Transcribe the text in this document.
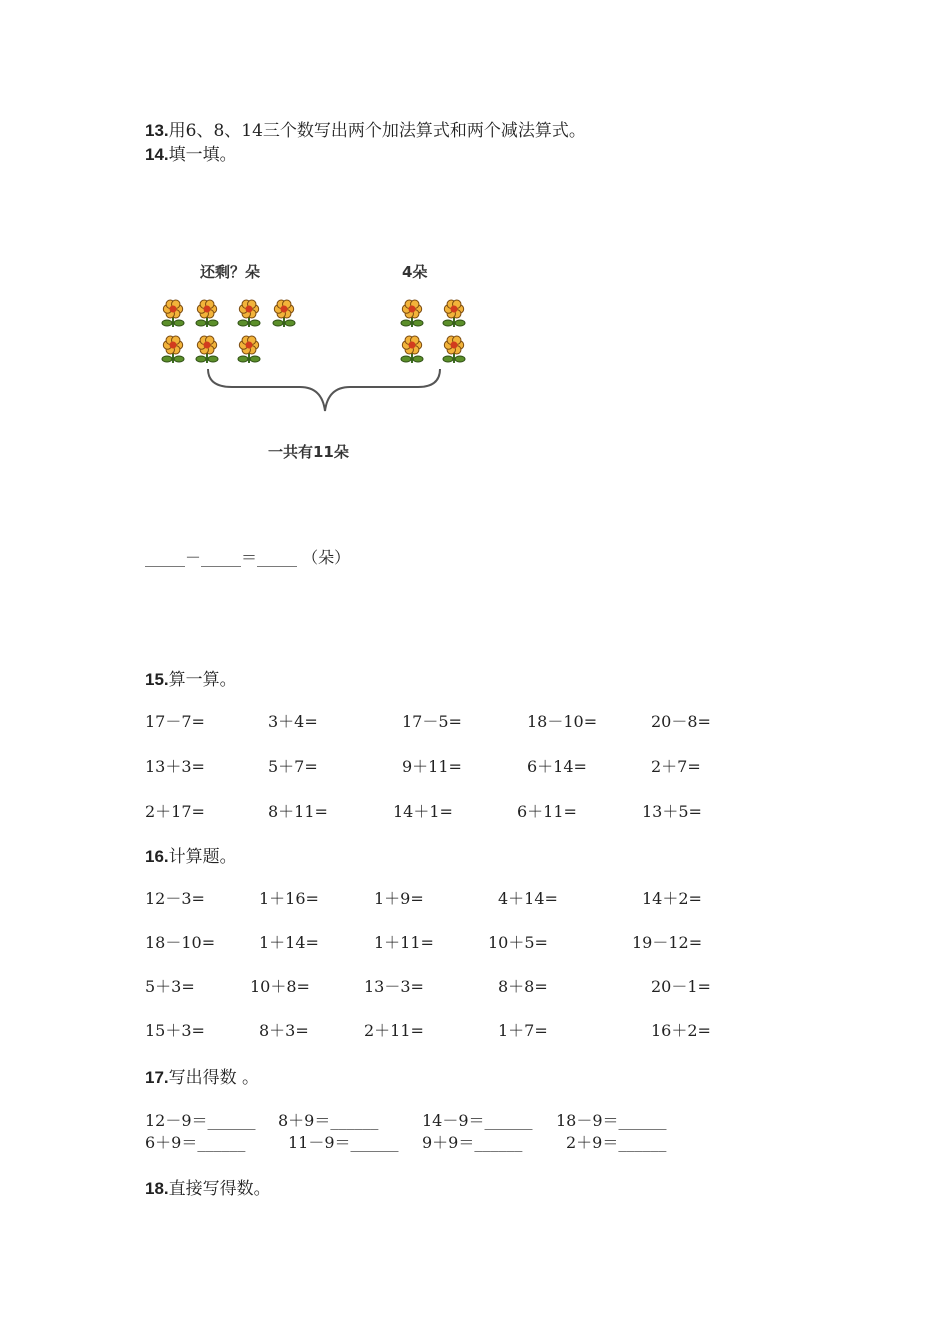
13.用6、8、14三个数写出两个加法算式和两个减法算式。
14.填一填。
还剩？朵	4朵
一共有11朵
_____－_____＝_____ （朵）
15.算一算。
17－7=	3＋4=	17－5=	18－10=	20－8=
13＋3=	5＋7=	9＋11=	6＋14=	2＋7=
2＋17=	8＋11=	14＋1=	6＋11=	13＋5=
16.计算题。
12－3=	1＋16=	1＋9=	4＋14=	14＋2=
18－10=	1＋14=	1＋11=	10＋5=	19－12=
5＋3=	10＋8=	13－3=	8＋8=	20－1=
15＋3=	8＋3=	2＋11=	1＋7=	16＋2=
17.写出得数 。
12－9＝______ 8＋9＝______	14－9＝______ 18－9＝______
6＋9＝______	11－9＝______ 9＋9＝______	2＋9＝______
18.直接写得数。
